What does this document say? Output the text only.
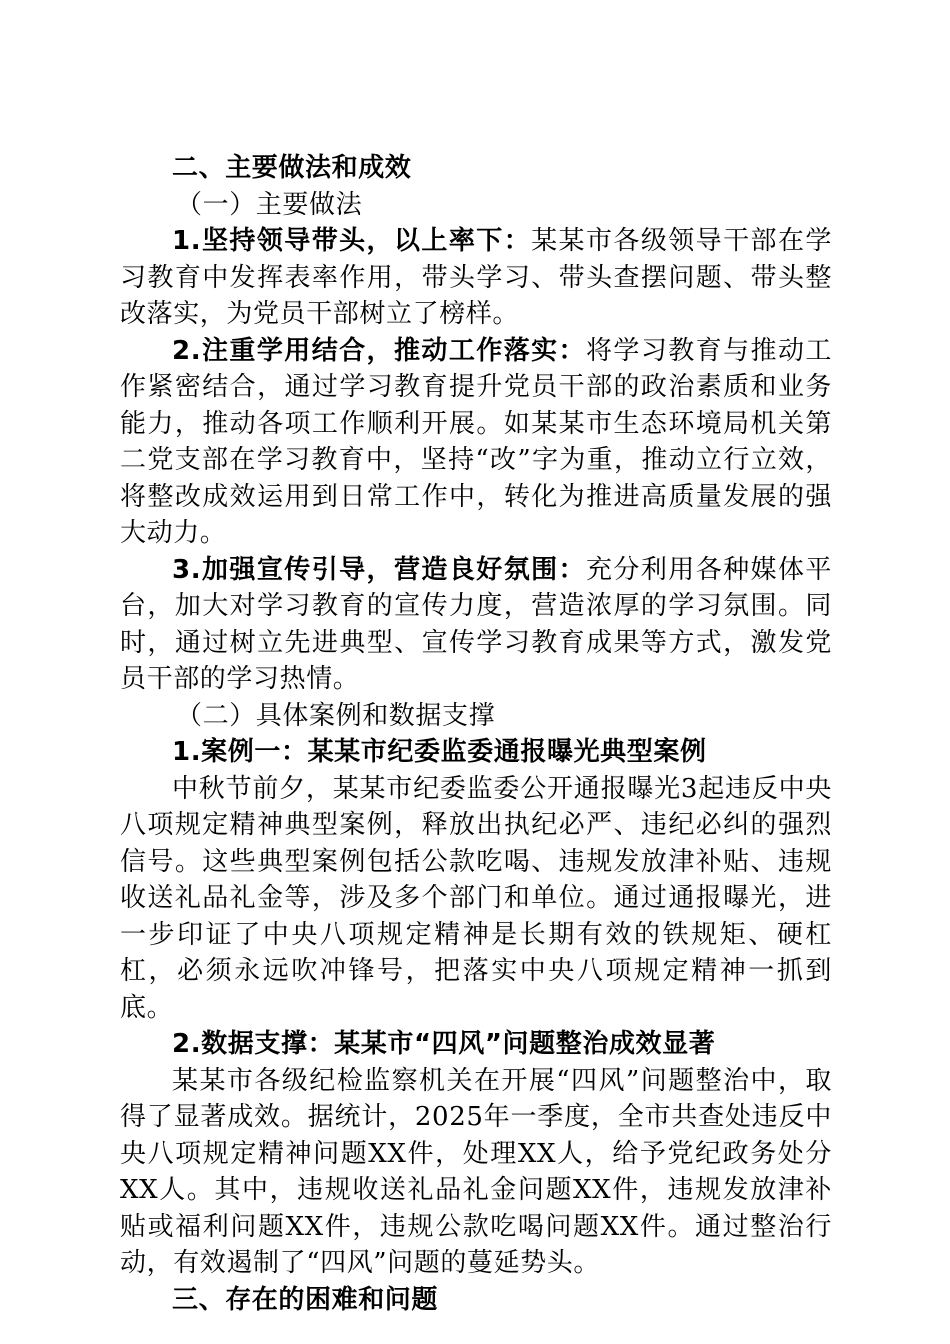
二、主要做法和成效

（一）主要做法

1.坚持领导带头，以上率下：某某市各级领导干部在学习教育中发挥表率作用，带头学习、带头查摆问题、带头整改落实，为党员干部树立了榜样。

2.注重学用结合，推动工作落实：将学习教育与推动工作紧密结合，通过学习教育提升党员干部的政治素质和业务能力，推动各项工作顺利开展。如某某市生态环境局机关第二党支部在学习教育中，坚持“改”字为重，推动立行立效，将整改成效运用到日常工作中，转化为推进高质量发展的强大动力。

3.加强宣传引导，营造良好氛围：充分利用各种媒体平台，加大对学习教育的宣传力度，营造浓厚的学习氛围。同时，通过树立先进典型、宣传学习教育成果等方式，激发党员干部的学习热情。

（二）具体案例和数据支撑

1.案例一：某某市纪委监委通报曝光典型案例

中秋节前夕，某某市纪委监委公开通报曝光3起违反中央八项规定精神典型案例，释放出执纪必严、违纪必纠的强烈信号。这些典型案例包括公款吃喝、违规发放津补贴、违规收送礼品礼金等，涉及多个部门和单位。通过通报曝光，进一步印证了中央八项规定精神是长期有效的铁规矩、硬杠杠，必须永远吹冲锋号，把落实中央八项规定精神一抓到底。

2.数据支撑：某某市“四风”问题整治成效显著

某某市各级纪检监察机关在开展“四风”问题整治中，取得了显著成效。据统计，2025年一季度，全市共查处违反中央八项规定精神问题XX件，处理XX人，给予党纪政务处分XX人。其中，违规收送礼品礼金问题XX件，违规发放津补贴或福利问题XX件，违规公款吃喝问题XX件。通过整治行动，有效遏制了“四风”问题的蔓延势头。

三、存在的困难和问题
